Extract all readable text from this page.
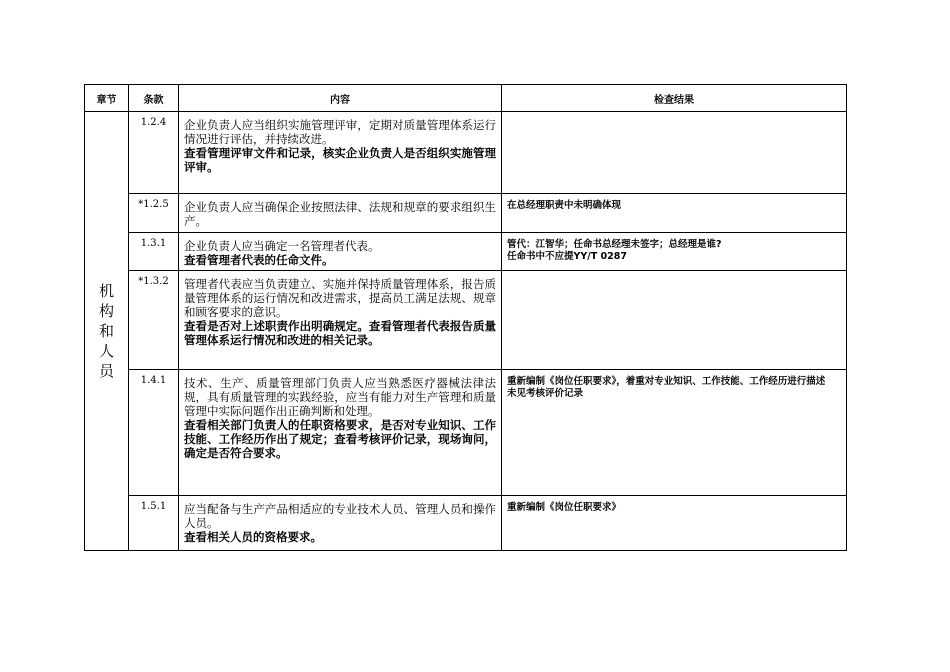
章节	条款	内容	检查结果
机构和人员	1.2.4	企业负责人应当组织实施管理评审，定期对质量管理体系运行情况进行评估，并持续改进。
查看管理评审文件和记录，核实企业负责人是否组织实施管理评审。	

	*1.2.5	企业负责人应当确保企业按照法律、法规和规章的要求组织生产。	在总经理职责中未明确体现

	1.3.1	企业负责人应当确定一名管理者代表。
查看管理者代表的任命文件。	管代：江智华；任命书总经理未签字；总经理是谁?
任命书中不应提YY/T 0287

	*1.3.2	管理者代表应当负责建立、实施并保持质量管理体系，报告质量管理体系的运行情况和改进需求，提高员工满足法规、规章和顾客要求的意识。
查看是否对上述职责作出明确规定。查看管理者代表报告质量管理体系运行情况和改进的相关记录。	

	1.4.1	技术、生产、质量管理部门负责人应当熟悉医疗器械法律法规，具有质量管理的实践经验，应当有能力对生产管理和质量管理中实际问题作出正确判断和处理。
查看相关部门负责人的任职资格要求，是否对专业知识、工作技能、工作经历作出了规定；查看考核评价记录，现场询问，确定是否符合要求。	重新编制《岗位任职要求》，着重对专业知识、工作技能、工作经历进行描述
未见考核评价记录

	1.5.1	应当配备与生产产品相适应的专业技术人员、管理人员和操作人员。
查看相关人员的资格要求。	重新编制《岗位任职要求》
